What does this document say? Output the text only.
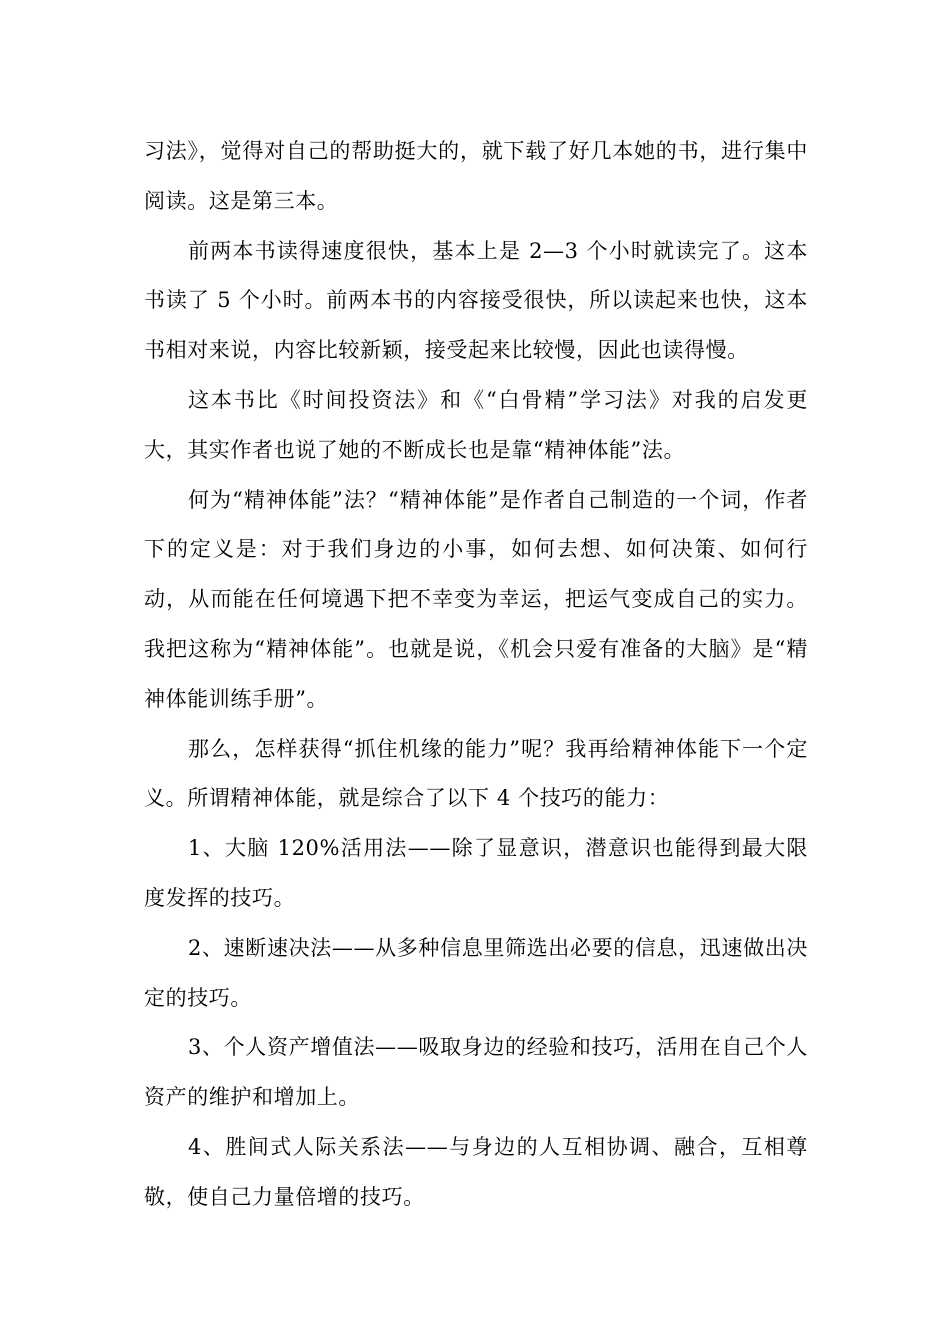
习法》，觉得对自己的帮助挺大的，就下载了好几本她的书，进行集中阅读。这是第三本。

前两本书读得速度很快，基本上是 2—3 个小时就读完了。这本书读了 5 个小时。前两本书的内容接受很快，所以读起来也快，这本书相对来说，内容比较新颖，接受起来比较慢，因此也读得慢。

这本书比《时间投资法》和《“白骨精”学习法》对我的启发更大，其实作者也说了她的不断成长也是靠“精神体能”法。

何为“精神体能”法？“精神体能”是作者自己制造的一个词，作者下的定义是：对于我们身边的小事，如何去想、如何决策、如何行动，从而能在任何境遇下把不幸变为幸运，把运气变成自己的实力。我把这称为“精神体能”。也就是说，《机会只爱有准备的大脑》是“精神体能训练手册”。

那么，怎样获得“抓住机缘的能力”呢？我再给精神体能下一个定义。所谓精神体能，就是综合了以下 4 个技巧的能力：

1、大脑 120%活用法——除了显意识，潜意识也能得到最大限度发挥的技巧。

2、速断速决法——从多种信息里筛选出必要的信息，迅速做出决定的技巧。

3、个人资产增值法——吸取身边的经验和技巧，活用在自己个人资产的维护和增加上。

4、胜间式人际关系法——与身边的人互相协调、融合，互相尊敬，使自己力量倍增的技巧。
